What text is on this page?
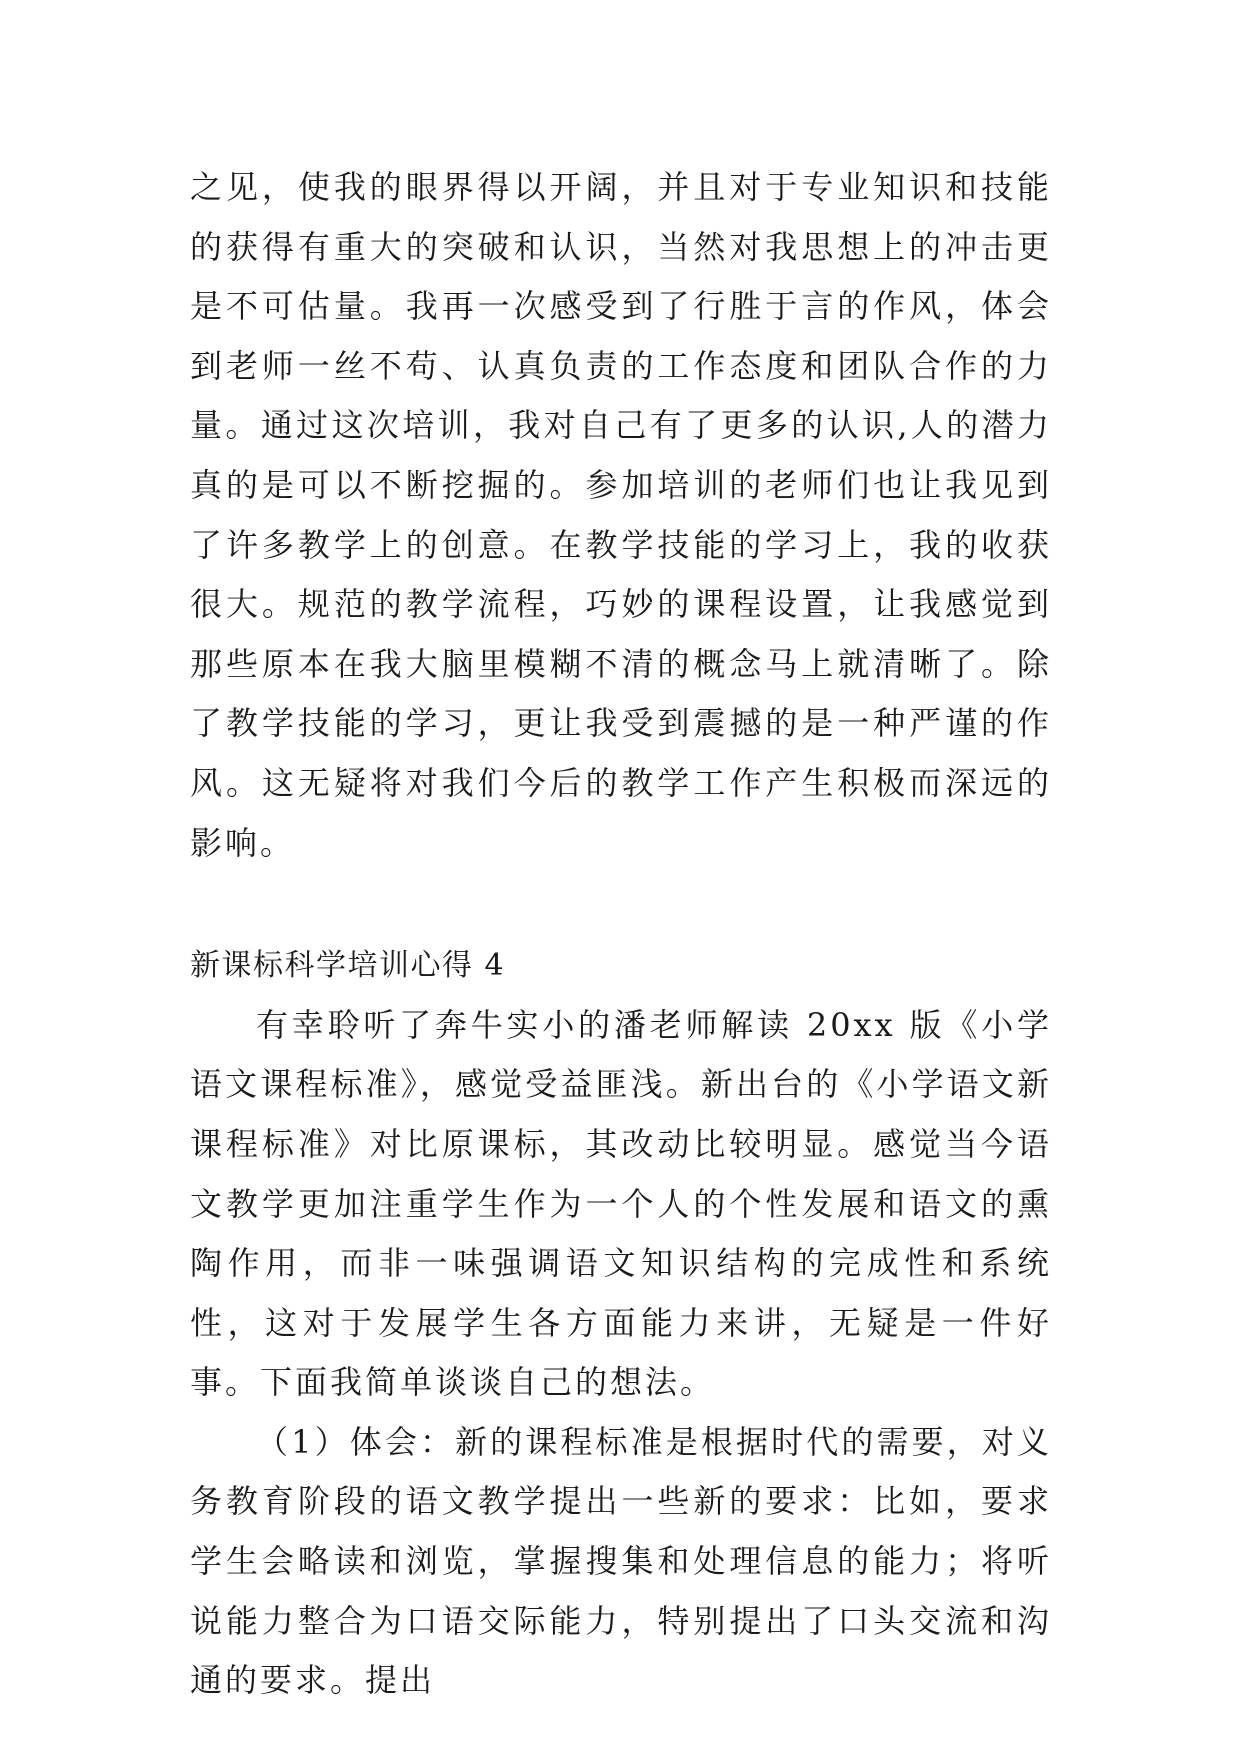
之见，使我的眼界得以开阔，并且对于专业知识和技能的获得有重大的突破和认识，当然对我思想上的冲击更是不可估量。我再一次感受到了行胜于言的作风，体会到老师一丝不苟、认真负责的工作态度和团队合作的力量。通过这次培训，我对自己有了更多的认识,人的潜力真的是可以不断挖掘的。参加培训的老师们也让我见到了许多教学上的创意。在教学技能的学习上，我的收获很大。规范的教学流程，巧妙的课程设置，让我感觉到那些原本在我大脑里模糊不清的概念马上就清晰了。除了教学技能的学习，更让我受到震撼的是一种严谨的作风。这无疑将对我们今后的教学工作产生积极而深远的影响。

新课标科学培训心得 4

有幸聆听了奔牛实小的潘老师解读 20xx 版《小学语文课程标准》，感觉受益匪浅。新出台的《小学语文新课程标准》对比原课标，其改动比较明显。感觉当今语文教学更加注重学生作为一个人的个性发展和语文的熏陶作用，而非一味强调语文知识结构的完成性和系统性，这对于发展学生各方面能力来讲，无疑是一件好事。下面我简单谈谈自己的想法。

（1）体会：新的课程标准是根据时代的需要，对义务教育阶段的语文教学提出一些新的要求：比如，要求学生会略读和浏览，掌握搜集和处理信息的能力；将听说能力整合为口语交际能力，特别提出了口头交流和沟通的要求。提出
